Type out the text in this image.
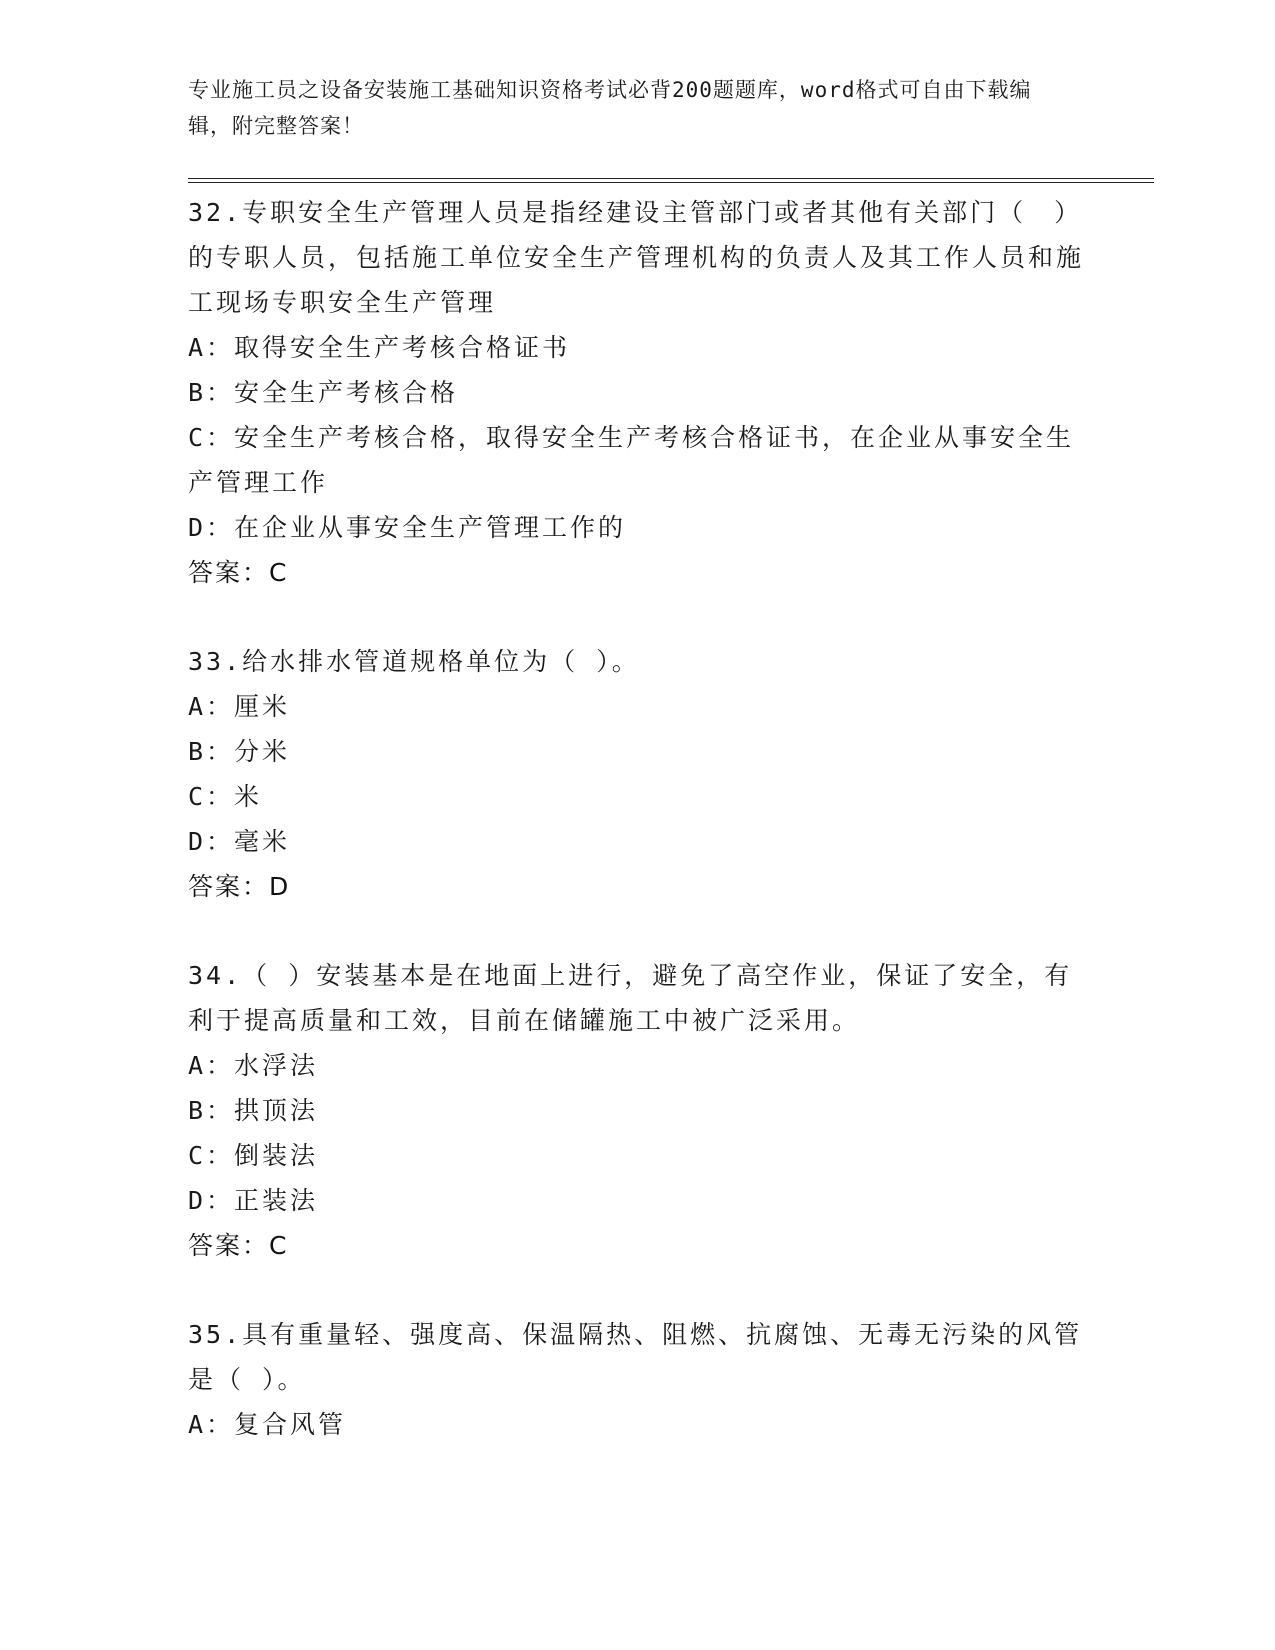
专业施工员之设备安装施工基础知识资格考试必背200题题库，word格式可自由下载编辑，附完整答案！

32.专职安全生产管理人员是指经建设主管部门或者其他有关部门（　）的专职人员，包括施工单位安全生产管理机构的负责人及其工作人员和施工现场专职安全生产管理

A：取得安全生产考核合格证书

B：安全生产考核合格

C：安全生产考核合格，取得安全生产考核合格证书，在企业从事安全生产管理工作

D：在企业从事安全生产管理工作的

答案：C

33.给水排水管道规格单位为（ ）。

A：厘米

B：分米

C：米

D：毫米

答案：D

34.（ ）安装基本是在地面上进行，避免了高空作业，保证了安全，有利于提高质量和工效，目前在储罐施工中被广泛采用。

A：水浮法

B：拱顶法

C：倒装法

D：正装法

答案：C

35.具有重量轻、强度高、保温隔热、阻燃、抗腐蚀、无毒无污染的风管是（ ）。

A：复合风管
